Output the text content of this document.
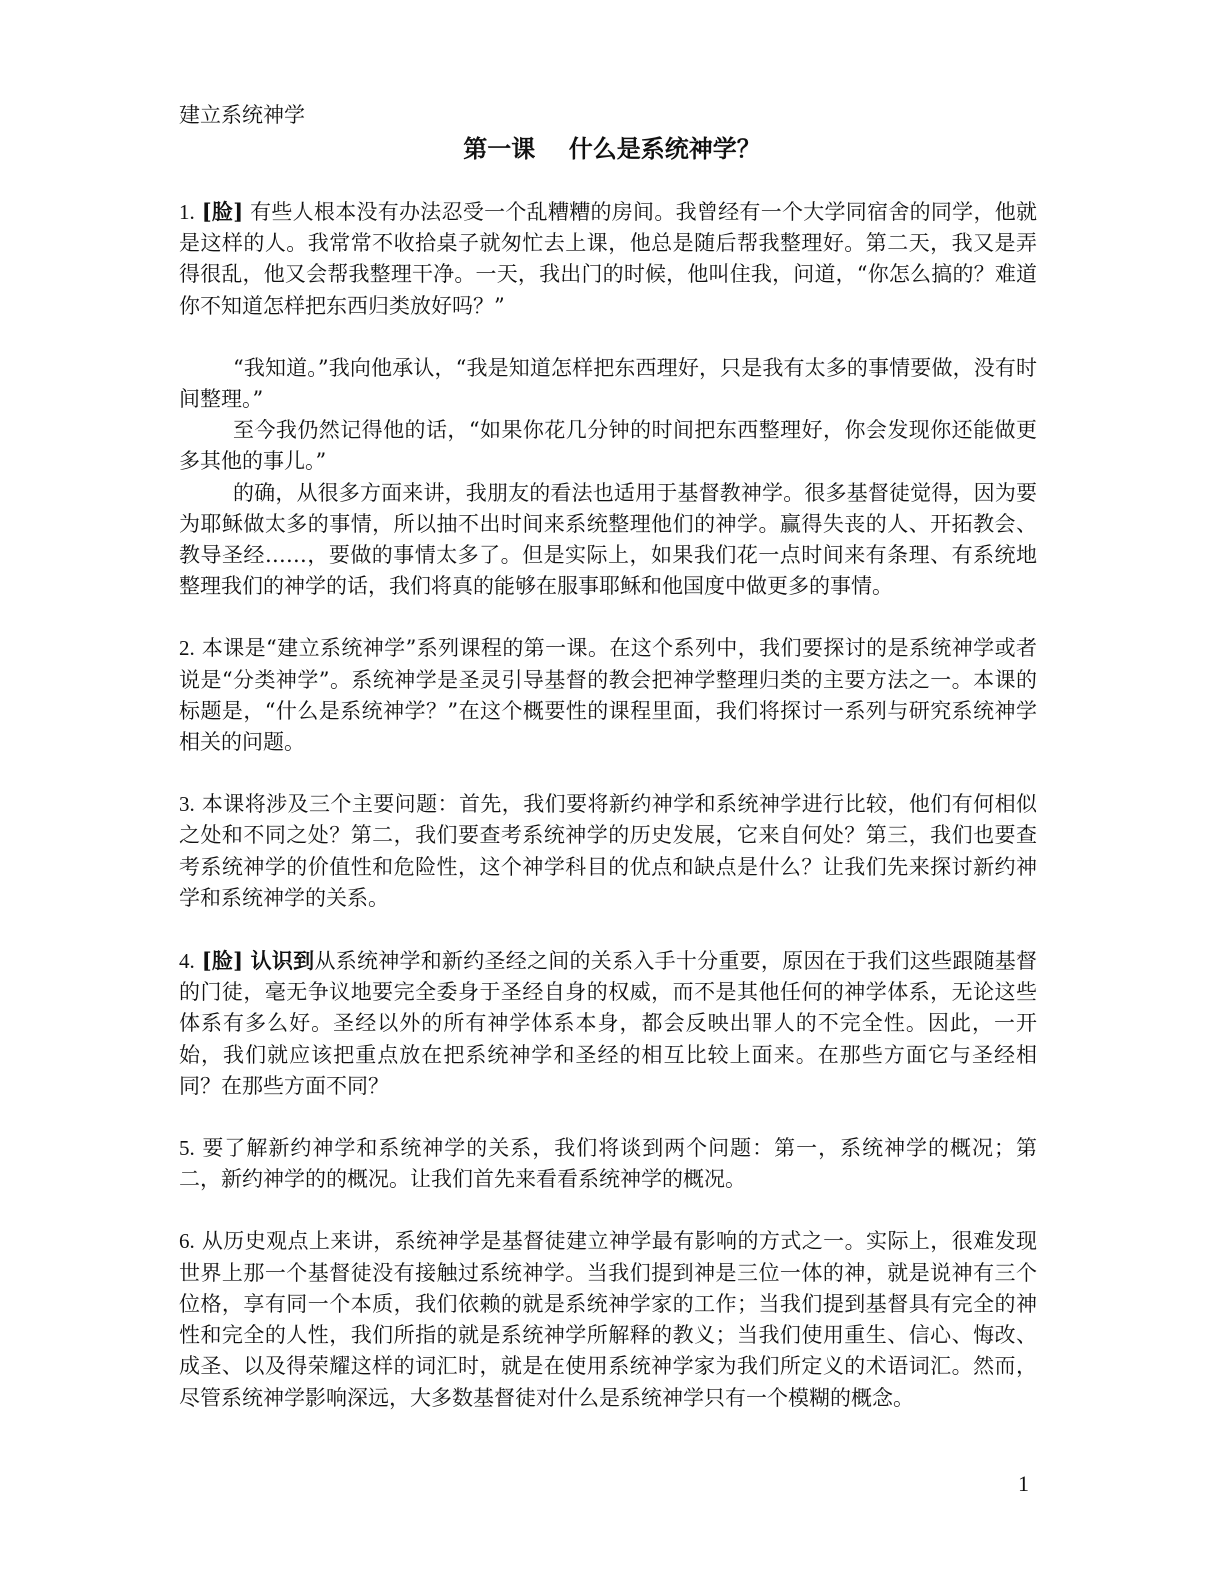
建立系统神学
第一课    什么是系统神学？

1. [脸] 有些人根本没有办法忍受一个乱糟糟的房间。我曾经有一个大学同宿舍的同学，他就是这样的人。我常常不收拾桌子就匆忙去上课，他总是随后帮我整理好。第二天，我又是弄得很乱，他又会帮我整理干净。一天，我出门的时候，他叫住我，问道，“你怎么搞的？难道你不知道怎样把东西归类放好吗？”

“我知道。”我向他承认，“我是知道怎样把东西理好，只是我有太多的事情要做，没有时间整理。”

至今我仍然记得他的话，“如果你花几分钟的时间把东西整理好，你会发现你还能做更多其他的事儿。”

的确，从很多方面来讲，我朋友的看法也适用于基督教神学。很多基督徒觉得，因为要为耶稣做太多的事情，所以抽不出时间来系统整理他们的神学。赢得失丧的人、开拓教会、教导圣经……，要做的事情太多了。但是实际上，如果我们花一点时间来有条理、有系统地整理我们的神学的话，我们将真的能够在服事耶稣和他国度中做更多的事情。

2. 本课是“建立系统神学”系列课程的第一课。在这个系列中，我们要探讨的是系统神学或者说是“分类神学”。系统神学是圣灵引导基督的教会把神学整理归类的主要方法之一。本课的标题是，“什么是系统神学？”在这个概要性的课程里面，我们将探讨一系列与研究系统神学相关的问题。

3. 本课将涉及三个主要问题：首先，我们要将新约神学和系统神学进行比较，他们有何相似之处和不同之处？第二，我们要查考系统神学的历史发展，它来自何处？第三，我们也要查考系统神学的价值性和危险性，这个神学科目的优点和缺点是什么？让我们先来探讨新约神学和系统神学的关系。

4. [脸] 认识到从系统神学和新约圣经之间的关系入手十分重要，原因在于我们这些跟随基督的门徒，毫无争议地要完全委身于圣经自身的权威，而不是其他任何的神学体系，无论这些体系有多么好。圣经以外的所有神学体系本身，都会反映出罪人的不完全性。因此，一开始，我们就应该把重点放在把系统神学和圣经的相互比较上面来。在那些方面它与圣经相同？在那些方面不同？

5. 要了解新约神学和系统神学的关系，我们将谈到两个问题：第一，系统神学的概况；第二，新约神学的的概况。让我们首先来看看系统神学的概况。

6. 从历史观点上来讲，系统神学是基督徒建立神学最有影响的方式之一。实际上，很难发现世界上那一个基督徒没有接触过系统神学。当我们提到神是三位一体的神，就是说神有三个位格，享有同一个本质，我们依赖的就是系统神学家的工作；当我们提到基督具有完全的神性和完全的人性，我们所指的就是系统神学所解释的教义；当我们使用重生、信心、悔改、成圣、以及得荣耀这样的词汇时，就是在使用系统神学家为我们所定义的术语词汇。然而，尽管系统神学影响深远，大多数基督徒对什么是系统神学只有一个模糊的概念。

1
